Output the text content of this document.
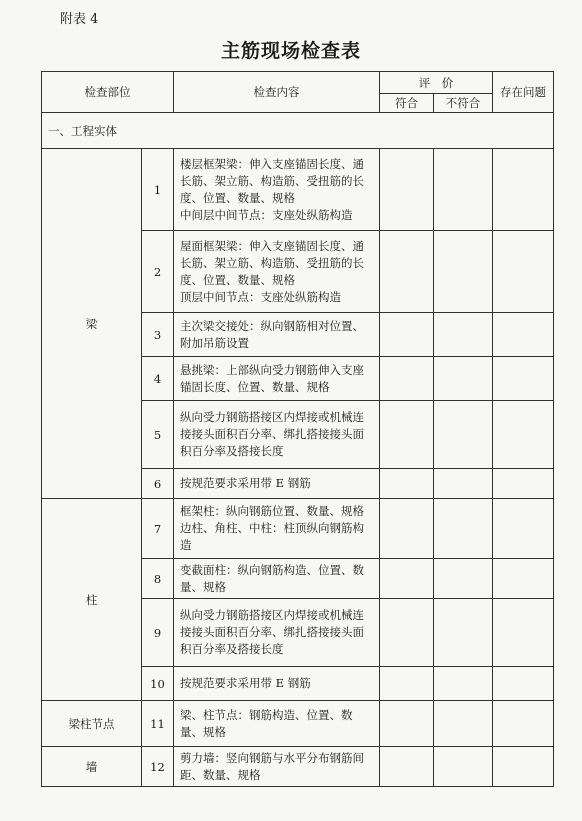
附表 4
主筋现场检查表
检查部位		检查内容	评　价		存在问题
			符合	不符合	
一、工程实体					
梁	1	楼层框架梁：伸入支座锚固长度、通长筋、架立筋、构造筋、受扭筋的长度、位置、数量、规格
中间层中间节点：支座处纵筋构造			
	2	屋面框架梁：伸入支座锚固长度、通长筋、架立筋、构造筋、受扭筋的长度、位置、数量、规格
顶层中间节点：支座处纵筋构造			
	3	主次梁交接处：纵向钢筋相对位置、附加吊筋设置			
	4	悬挑梁：上部纵向受力钢筋伸入支座锚固长度、位置、数量、规格			
	5	纵向受力钢筋搭接区内焊接或机械连接接头面积百分率、绑扎搭接接头面积百分率及搭接长度			
	6	按规范要求采用带 E 钢筋			
柱	7	框架柱：纵向钢筋位置、数量、规格
边柱、角柱、中柱：柱顶纵向钢筋构造			
	8	变截面柱：纵向钢筋构造、位置、数量、规格			
	9	纵向受力钢筋搭接区内焊接或机械连接接头面积百分率、绑扎搭接接头面积百分率及搭接长度			
	10	按规范要求采用带 E 钢筋			
梁柱节点	11	梁、柱节点：钢筋构造、位置、数量、规格			
墙	12	剪力墙：竖向钢筋与水平分布钢筋间距、数量、规格			
